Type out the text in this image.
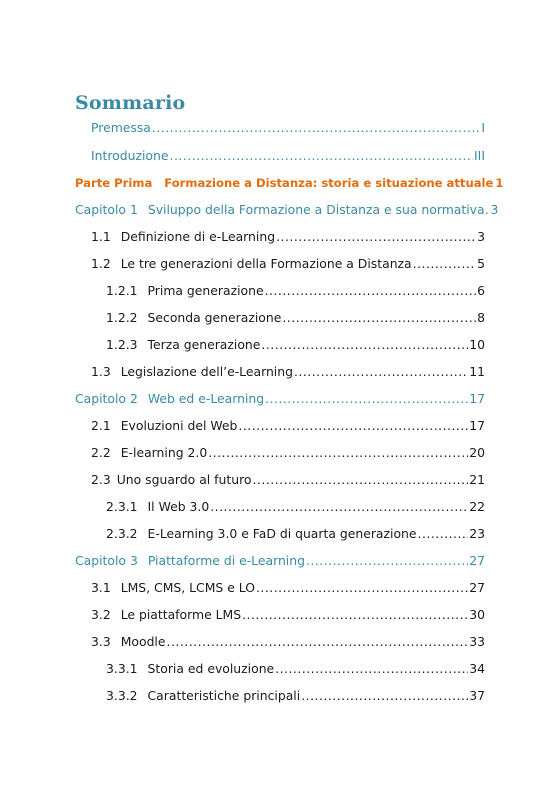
Sommario
Premessa .....	I
Introduzione .....	III
Parte Prima Formazione a Distanza: storia e situazione attuale 1
Capitolo 1 Sviluppo della Formazione a Distanza e sua normativa. 3
1.1 Definizione di e-Learning .....	3
1.2 Le tre generazioni della Formazione a Distanza .....	5
1.2.1 Prima generazione .....	6
1.2.2 Seconda generazione .....	8
1.2.3 Terza generazione .....	10
1.3 Legislazione dell’e-Learning .....	11
Capitolo 2 Web ed e-Learning .....	17
2.1 Evoluzioni del Web .....	17
2.2 E-learning 2.0 .....	20
2.3 Uno sguardo al futuro .....	21
2.3.1 Il Web 3.0 .....	22
2.3.2 E-Learning 3.0 e FaD di quarta generazione .....	23
Capitolo 3 Piattaforme di e-Learning .....	27
3.1 LMS, CMS, LCMS e LO .....	27
3.2 Le piattaforme LMS .....	30
3.3 Moodle .....	33
3.3.1 Storia ed evoluzione .....	34
3.3.2 Caratteristiche principali .....	37
